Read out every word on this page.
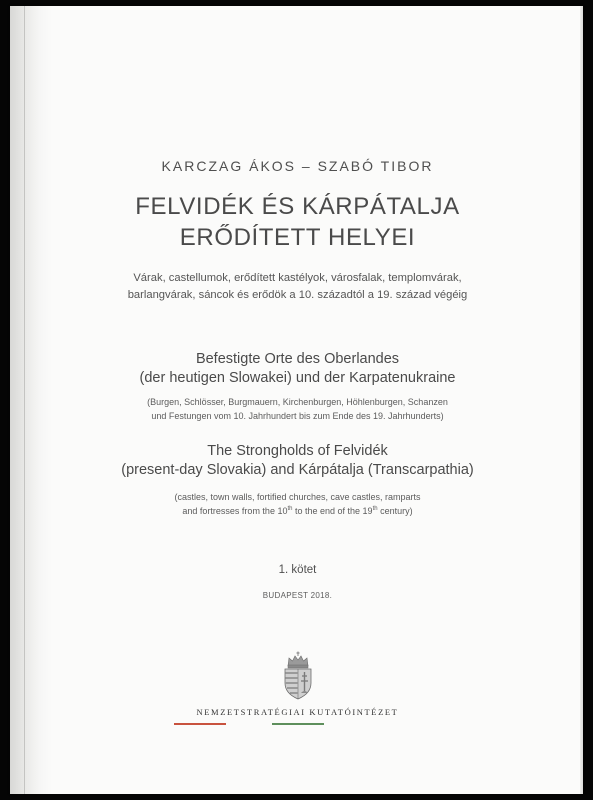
KARCZAG ÁKOS – SZABÓ TIBOR
FELVIDÉK ÉS KÁRPÁTALJA
ERŐDÍTETT HELYEI
Várak, castellumok, erődített kastélyok, városfalak, templomvárak,
barlangvárak, sáncok és erődök a 10. századtól a 19. század végéig
Befestigte Orte des Oberlandes
(der heutigen Slowakei) und der Karpatenukraine
(Burgen, Schlösser, Burgmauern, Kirchenburgen, Höhlenburgen, Schanzen
und Festungen vom 10. Jahrhundert bis zum Ende des 19. Jahrhunderts)
The Strongholds of Felvidék
(present-day Slovakia) and Kárpátalja (Transcarpathia)
(castles, town walls, fortified churches, cave castles, ramparts
and fortresses from the 10th to the end of the 19th century)
1. kötet
BUDAPEST 2018.
NEMZETSTRATÉGIAI KUTATÓINTÉZET
